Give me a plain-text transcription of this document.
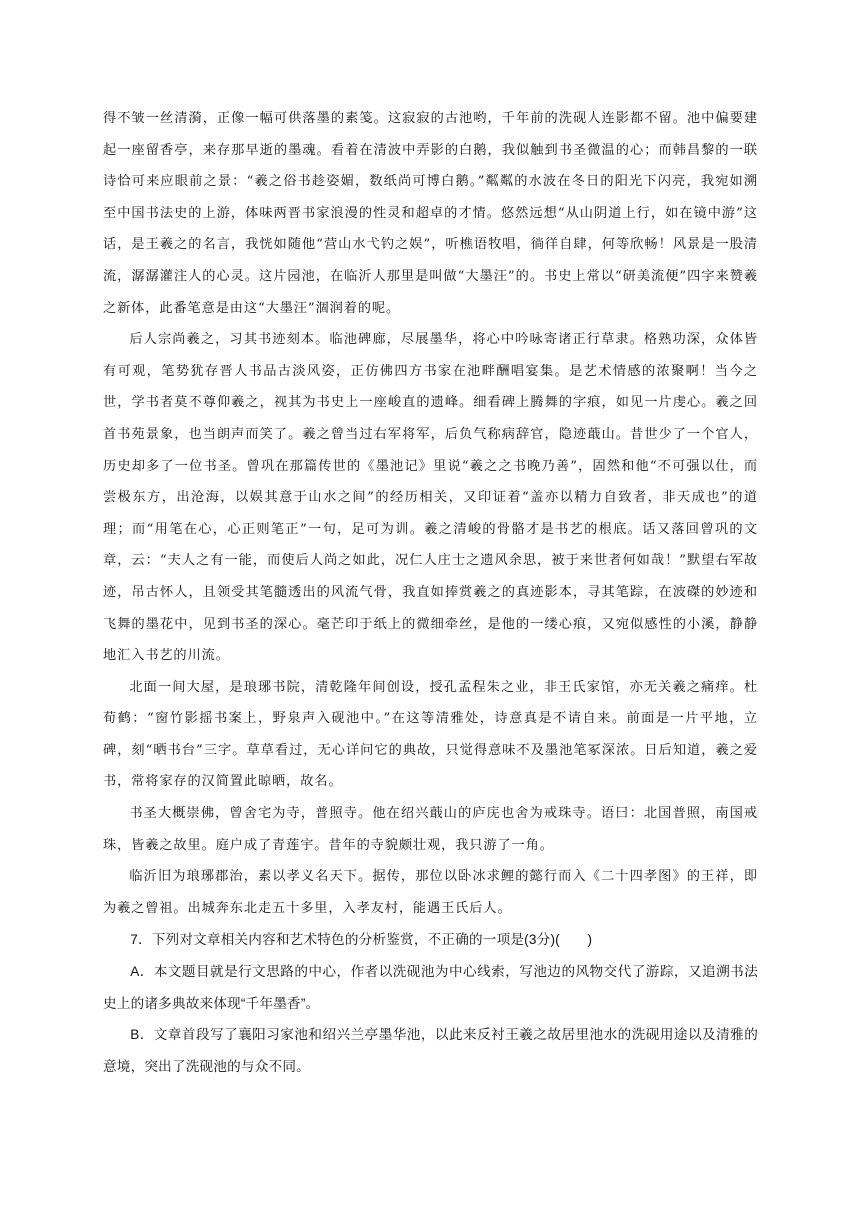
得不皱一丝清漪，正像一幅可供落墨的素笺。这寂寂的古池哟，千年前的洗砚人连影都不留。池中偏要建起一座留香亭，来存那早逝的墨魂。看着在清波中弄影的白鹅，我似触到书圣微温的心；而韩昌黎的一联诗恰可来应眼前之景：“羲之俗书趁姿媚，数纸尚可博白鹅。”粼粼的水波在冬日的阳光下闪亮，我宛如溯至中国书法史的上游，体味两晋书家浪漫的性灵和超卓的才情。悠然远想“从山阴道上行，如在镜中游”这话，是王羲之的名言，我恍如随他“营山水弋钓之娱”，听樵语牧唱，徜徉自肆，何等欣畅！风景是一股清流，潺潺灌注人的心灵。这片园池，在临沂人那里是叫做“大墨汪”的。书史上常以“研美流便”四字来赞羲之新体，此番笔意是由这“大墨汪”涸润着的呢。

后人宗尚羲之，习其书迹刻本。临池碑廊，尽展墨华，将心中吟咏寄诸正行草隶。格熟功深，众体皆有可观，笔势犹存晋人书品古淡风姿，正仿佛四方书家在池畔酬唱宴集。是艺术情感的浓聚啊！当今之世，学书者莫不尊仰羲之，视其为书史上一座峻直的遗峰。细看碑上腾舞的字痕，如见一片虔心。羲之回首书苑景象，也当朗声而笑了。羲之曾当过右军将军，后负气称病辞官，隐迹蕺山。昔世少了一个官人，历史却多了一位书圣。曾巩在那篇传世的《墨池记》里说“羲之之书晚乃善”，固然和他“不可强以仕，而尝极东方，出沧海，以娱其意于山水之间”的经历相关，又印证着“盖亦以精力自致者，非天成也”的道理；而“用笔在心，心正则笔正”一句，足可为训。羲之清峻的骨骼才是书艺的根底。话又落回曾巩的文章，云：“夫人之有一能，而使后人尚之如此，况仁人庄士之遗风余思，被于来世者何如哉！”默望右军故迹，吊古怀人，且领受其笔髓透出的风流气骨，我直如捧赏羲之的真迹影本，寻其笔踪，在波磔的妙迹和飞舞的墨花中，见到书圣的深心。毫芒印于纸上的微细牵丝，是他的一缕心痕，又宛似感性的小溪，静静地汇入书艺的川流。

北面一间大屋，是琅琊书院，清乾隆年间创设，授孔孟程朱之业，非王氏家馆，亦无关羲之痛痒。杜荀鹤：“窗竹影摇书案上，野泉声入砚池中。”在这等清雅处，诗意真是不请自来。前面是一片平地，立碑，刻“晒书台”三字。草草看过，无心详问它的典故，只觉得意味不及墨池笔冢深浓。日后知道，羲之爱书，常将家存的汉简置此晾晒，故名。

书圣大概崇佛，曾舍宅为寺，普照寺。他在绍兴蕺山的庐庑也舍为戒珠寺。语曰：北国普照，南国戒珠，皆羲之故里。庭户成了青莲宇。昔年的寺貌颇壮观，我只游了一角。

临沂旧为琅琊郡治，素以孝义名天下。据传，那位以卧冰求鲤的懿行而入《二十四孝图》的王祥，即为羲之曾祖。出城奔东北走五十多里，入孝友村，能遇王氏后人。

7．下列对文章相关内容和艺术特色的分析鉴赏，不正确的一项是(3分)(　　)

A．本文题目就是行文思路的中心，作者以洗砚池为中心线索，写池边的风物交代了游踪，又追溯书法史上的诸多典故来体现“千年墨香”。

B．文章首段写了襄阳习家池和绍兴兰亭墨华池，以此来反衬王羲之故居里池水的洗砚用途以及清雅的意境，突出了洗砚池的与众不同。
